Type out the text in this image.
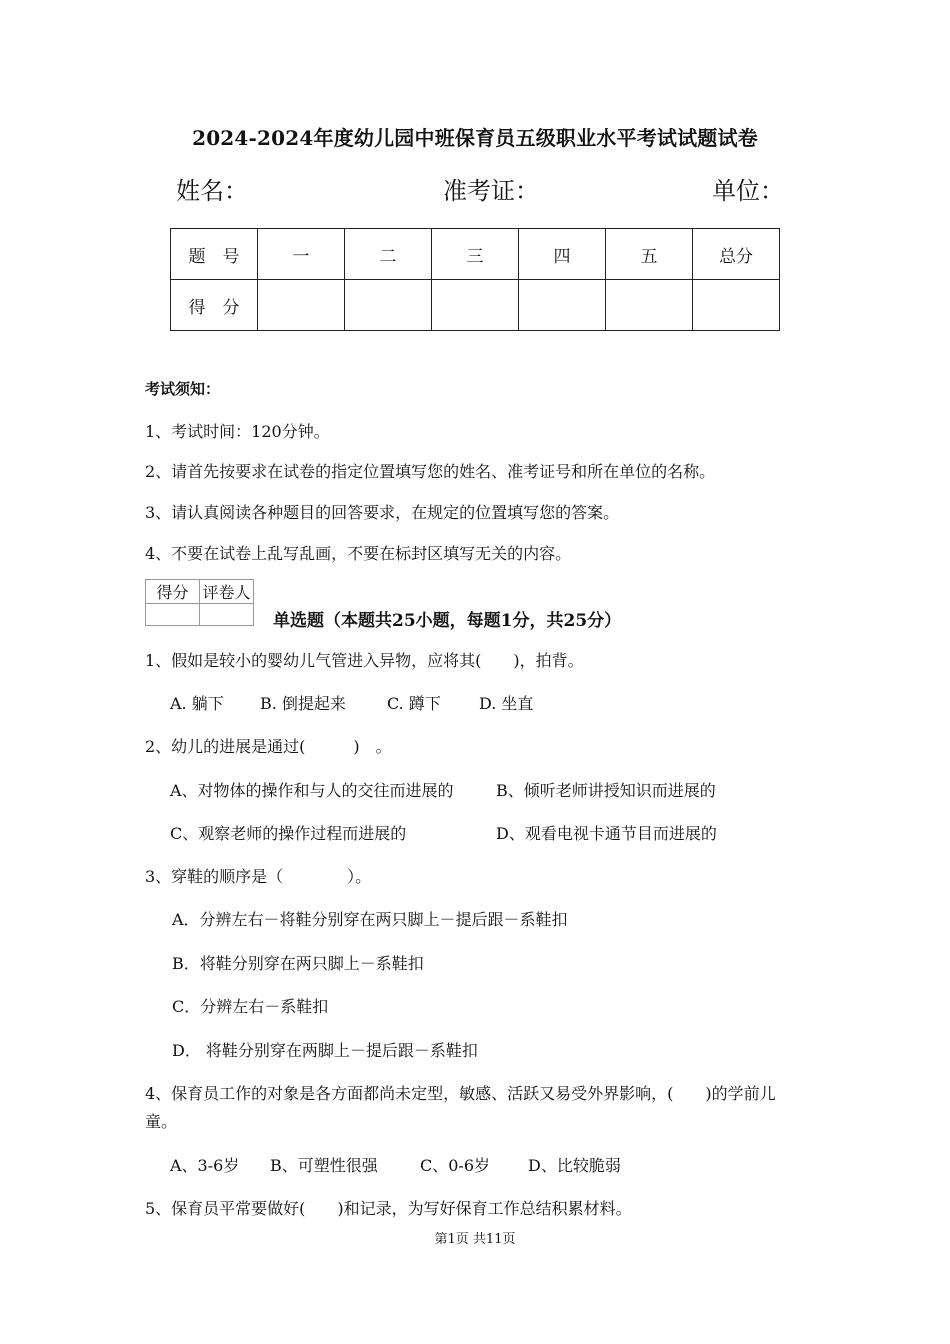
2024-2024年度幼儿园中班保育员五级职业水平考试试题试卷
姓名：	准考证：	单位：
题　号	一	二	三	四	五	总分
得　分						
考试须知：
1、考试时间：120分钟。
2、请首先按要求在试卷的指定位置填写您的姓名、准考证号和所在单位的名称。
3、请认真阅读各种题目的回答要求，在规定的位置填写您的答案。
4、不要在试卷上乱写乱画，不要在标封区填写无关的内容。
得分	评卷人

单选题（本题共25小题，每题1分，共25分）
1、假如是较小的婴幼儿气管进入异物，应将其(　　)，拍背。
A. 躺下 B. 倒提起来	C. 蹲下 D. 坐直
2、幼儿的进展是通过(　　　)　。
A、对物体的操作和与人的交往而进展的	B、倾听老师讲授知识而进展的
C、观察老师的操作过程而进展的	D、观看电视卡通节目而进展的
3、穿鞋的顺序是（　　　　）。
A．分辨左右－将鞋分别穿在两只脚上－提后跟－系鞋扣
B．将鞋分别穿在两只脚上－系鞋扣
C．分辨左右－系鞋扣
D． 将鞋分别穿在两脚上－提后跟－系鞋扣
4、保育员工作的对象是各方面都尚未定型，敏感、活跃又易受外界影响，(　　)的学前儿
童。
A、3-6岁 B、可塑性很强	C、0-6岁 D、比较脆弱
5、保育员平常要做好(　　)和记录，为写好保育工作总结积累材料。
第1页 共11页
